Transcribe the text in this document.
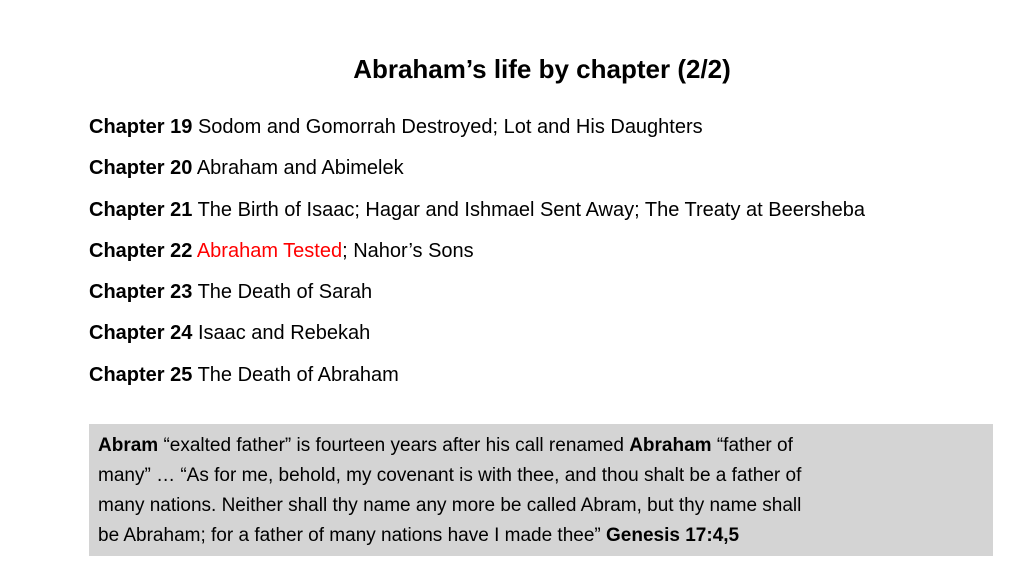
Abraham’s life by chapter (2/2)
Chapter 19 Sodom and Gomorrah Destroyed; Lot and His Daughters
Chapter 20 Abraham and Abimelek
Chapter 21 The Birth of Isaac; Hagar and Ishmael Sent Away; The Treaty at Beersheba
Chapter 22 Abraham Tested; Nahor’s Sons
Chapter 23 The Death of Sarah
Chapter 24 Isaac and Rebekah
Chapter 25 The Death of Abraham
Abram “exalted father” is fourteen years after his call renamed Abraham “father of
many” … “As for me, behold, my covenant is with thee, and thou shalt be a father of
many nations. Neither shall thy name any more be called Abram, but thy name shall
be Abraham; for a father of many nations have I made thee” Genesis 17:4,5
